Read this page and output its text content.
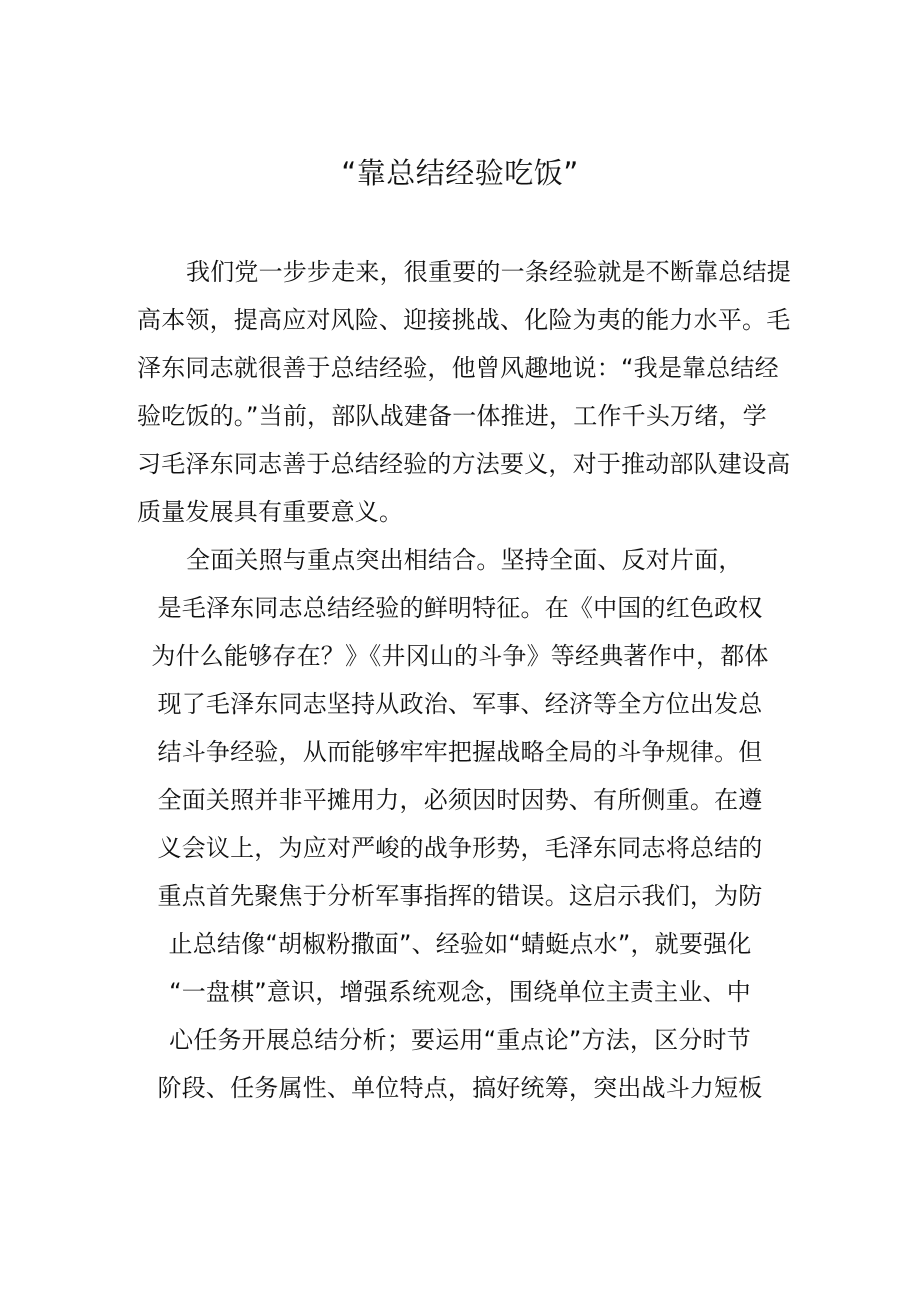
“靠总结经验吃饭”
我们党一步步走来，很重要的一条经验就是不断靠总结提
高本领，提高应对风险、迎接挑战、化险为夷的能力水平。毛
泽东同志就很善于总结经验，他曾风趣地说：“我是靠总结经
验吃饭的。”当前，部队战建备一体推进，工作千头万绪，学
习毛泽东同志善于总结经验的方法要义，对于推动部队建设高
质量发展具有重要意义。
全面关照与重点突出相结合。坚持全面、反对片面，
是毛泽东同志总结经验的鲜明特征。在《中国的红色政权
为什么能够存在？》《井冈山的斗争》等经典著作中，都体
现了毛泽东同志坚持从政治、军事、经济等全方位出发总
结斗争经验，从而能够牢牢把握战略全局的斗争规律。但
全面关照并非平摊用力，必须因时因势、有所侧重。在遵
义会议上，为应对严峻的战争形势，毛泽东同志将总结的
重点首先聚焦于分析军事指挥的错误。这启示我们，为防
止总结像“胡椒粉撒面”、经验如“蜻蜓点水”，就要强化
“一盘棋”意识，增强系统观念，围绕单位主责主业、中
心任务开展总结分析；要运用“重点论”方法，区分时节
阶段、任务属性、单位特点，搞好统筹，突出战斗力短板
